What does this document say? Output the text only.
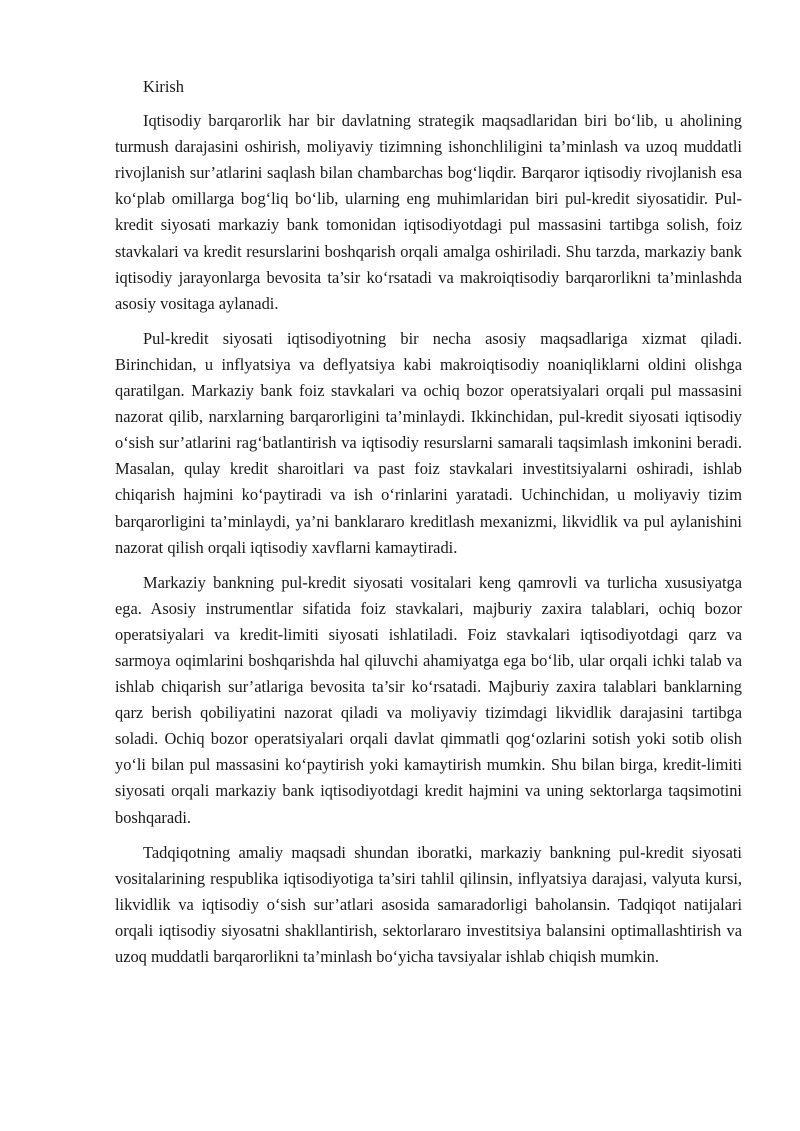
Kirish

Iqtisodiy barqarorlik har bir davlatning strategik maqsadlaridan biri bo‘lib, u aholining turmush darajasini oshirish, moliyaviy tizimning ishonchliligini ta’minlash va uzoq muddatli rivojlanish sur’atlarini saqlash bilan chambarchas bog‘liqdir. Barqaror iqtisodiy rivojlanish esa ko‘plab omillarga bog‘liq bo‘lib, ularning eng muhimlaridan biri pul-kredit siyosatidir. Pul-kredit siyosati markaziy bank tomonidan iqtisodiyotdagi pul massasini tartibga solish, foiz stavkalari va kredit resurslarini boshqarish orqali amalga oshiriladi. Shu tarzda, markaziy bank iqtisodiy jarayonlarga bevosita ta’sir ko‘rsatadi va makroiqtisodiy barqarorlikni ta’minlashda asosiy vositaga aylanadi.

Pul-kredit siyosati iqtisodiyotning bir necha asosiy maqsadlariga xizmat qiladi. Birinchidan, u inflyatsiya va deflyatsiya kabi makroiqtisodiy noaniqliklarni oldini olishga qaratilgan. Markaziy bank foiz stavkalari va ochiq bozor operatsiyalari orqali pul massasini nazorat qilib, narxlarning barqarorligini ta’minlaydi. Ikkinchidan, pul-kredit siyosati iqtisodiy o‘sish sur’atlarini rag‘batlantirish va iqtisodiy resurslarni samarali taqsimlash imkonini beradi. Masalan, qulay kredit sharoitlari va past foiz stavkalari investitsiyalarni oshiradi, ishlab chiqarish hajmini ko‘paytiradi va ish o‘rinlarini yaratadi. Uchinchidan, u moliyaviy tizim barqarorligini ta’minlaydi, ya’ni banklararo kreditlash mexanizmi, likvidlik va pul aylanishini nazorat qilish orqali iqtisodiy xavflarni kamaytiradi.

Markaziy bankning pul-kredit siyosati vositalari keng qamrovli va turlicha xususiyatga ega. Asosiy instrumentlar sifatida foiz stavkalari, majburiy zaxira talablari, ochiq bozor operatsiyalari va kredit-limiti siyosati ishlatiladi. Foiz stavkalari iqtisodiyotdagi qarz va sarmoya oqimlarini boshqarishda hal qiluvchi ahamiyatga ega bo‘lib, ular orqali ichki talab va ishlab chiqarish sur’atlariga bevosita ta’sir ko‘rsatadi. Majburiy zaxira talablari banklarning qarz berish qobiliyatini nazorat qiladi va moliyaviy tizimdagi likvidlik darajasini tartibga soladi. Ochiq bozor operatsiyalari orqali davlat qimmatli qog‘ozlarini sotish yoki sotib olish yo‘li bilan pul massasini ko‘paytirish yoki kamaytirish mumkin. Shu bilan birga, kredit-limiti siyosati orqali markaziy bank iqtisodiyotdagi kredit hajmini va uning sektorlarga taqsimotini boshqaradi.

Tadqiqotning amaliy maqsadi shundan iboratki, markaziy bankning pul-kredit siyosati vositalarining respublika iqtisodiyotiga ta’siri tahlil qilinsin, inflyatsiya darajasi, valyuta kursi, likvidlik va iqtisodiy o‘sish sur’atlari asosida samaradorligi baholansin. Tadqiqot natijalari orqali iqtisodiy siyosatni shakllantirish, sektorlararo investitsiya balansini optimallashtirish va uzoq muddatli barqarorlikni ta’minlash bo‘yicha tavsiyalar ishlab chiqish mumkin.
